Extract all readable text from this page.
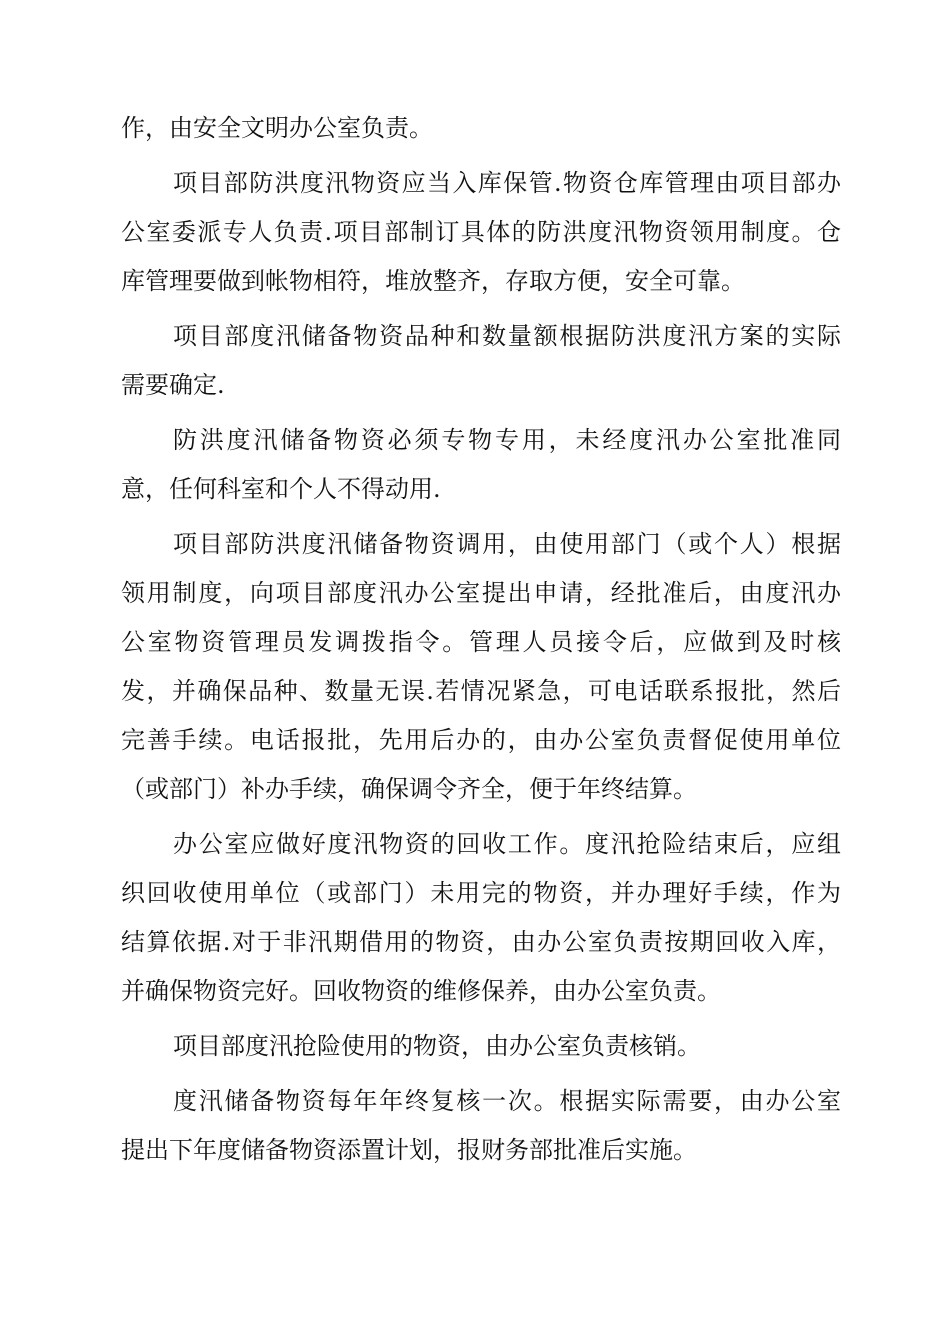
作，由安全文明办公室负责。
项目部防洪度汛物资应当入库保管.物资仓库管理由项目部办
公室委派专人负责.项目部制订具体的防洪度汛物资领用制度。仓
库管理要做到帐物相符，堆放整齐，存取方便，安全可靠。
项目部度汛储备物资品种和数量额根据防洪度汛方案的实际
需要确定.
防洪度汛储备物资必须专物专用，未经度汛办公室批准同
意，任何科室和个人不得动用.
项目部防洪度汛储备物资调用，由使用部门（或个人）根据
领用制度，向项目部度汛办公室提出申请，经批准后，由度汛办
公室物资管理员发调拨指令。管理人员接令后，应做到及时核
发，并确保品种、数量无误.若情况紧急，可电话联系报批，然后
完善手续。电话报批，先用后办的，由办公室负责督促使用单位
（或部门）补办手续，确保调令齐全，便于年终结算。
办公室应做好度汛物资的回收工作。度汛抢险结束后，应组
织回收使用单位（或部门）未用完的物资，并办理好手续，作为
结算依据.对于非汛期借用的物资，由办公室负责按期回收入库，
并确保物资完好。回收物资的维修保养，由办公室负责。
项目部度汛抢险使用的物资，由办公室负责核销。
度汛储备物资每年年终复核一次。根据实际需要，由办公室
提出下年度储备物资添置计划，报财务部批准后实施。
